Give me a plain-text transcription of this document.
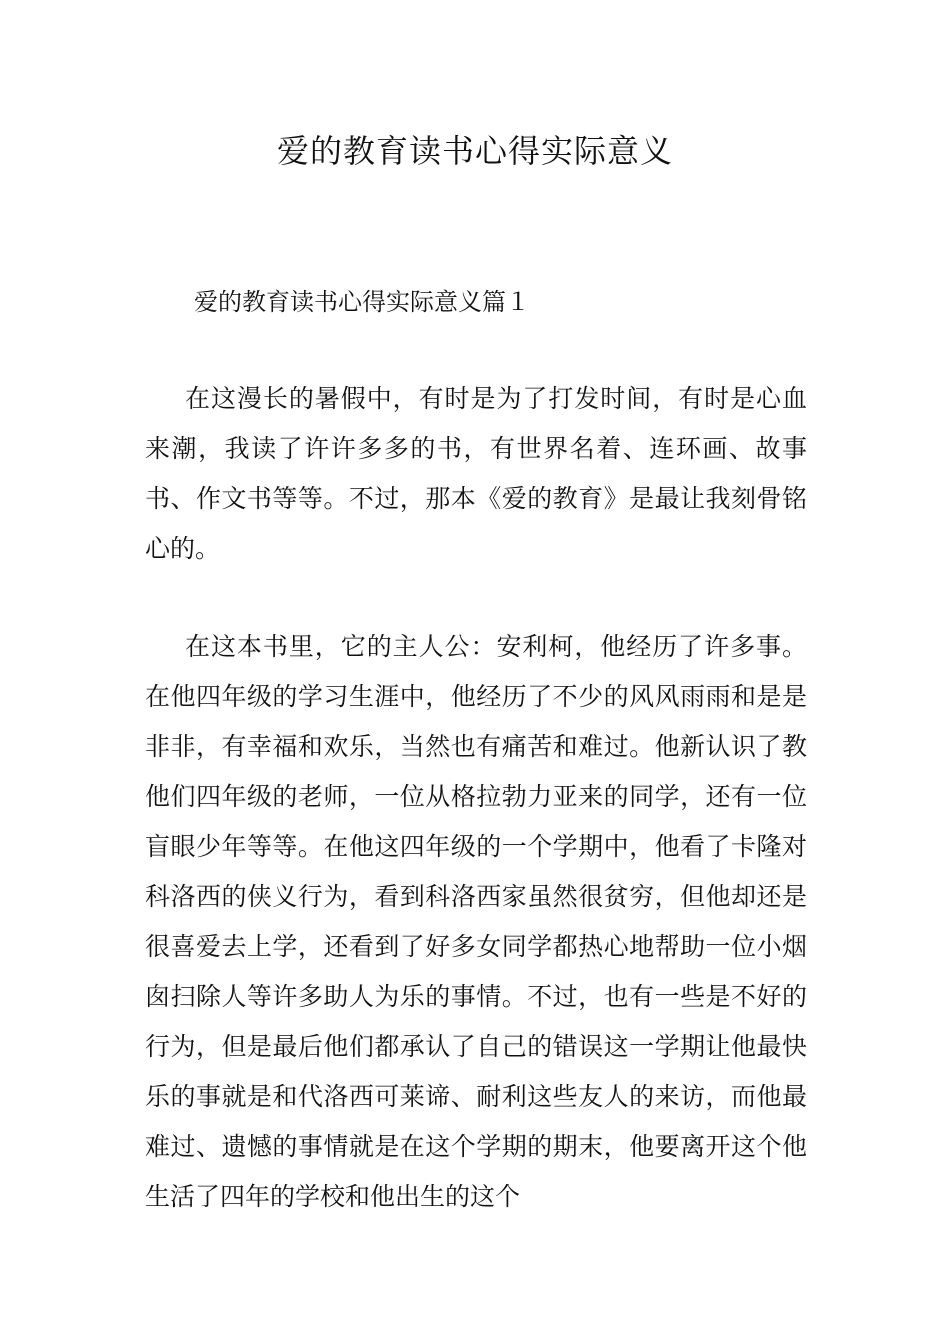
爱的教育读书心得实际意义
爱的教育读书心得实际意义篇１

在这漫长的暑假中，有时是为了打发时间，有时是心血来潮，我读了许许多多的书，有世界名着、连环画、故事书、作文书等等。不过，那本《爱的教育》是最让我刻骨铭心的。

在这本书里，它的主人公：安利柯，他经历了许多事。在他四年级的学习生涯中，他经历了不少的风风雨雨和是是非非，有幸福和欢乐，当然也有痛苦和难过。他新认识了教他们四年级的老师，一位从格拉勃力亚来的同学，还有一位盲眼少年等等。在他这四年级的一个学期中，他看了卡隆对科洛西的侠义行为，看到科洛西家虽然很贫穷，但他却还是很喜爱去上学，还看到了好多女同学都热心地帮助一位小烟囱扫除人等许多助人为乐的事情。不过，也有一些是不好的行为，但是最后他们都承认了自己的错误这一学期让他最快乐的事就是和代洛西可莱谛、耐利这些友人的来访，而他最难过、遗憾的事情就是在这个学期的期末，他要离开这个他生活了四年的学校和他出生的这个
